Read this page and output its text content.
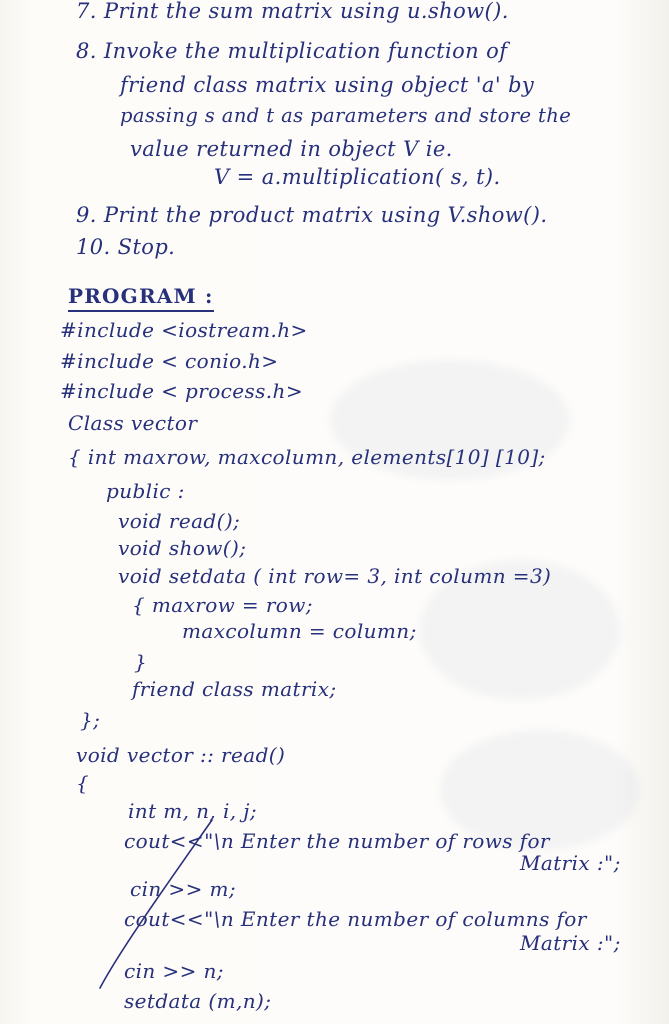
7. Print the sum matrix using u.show().
8. Invoke the multiplication function of
friend class matrix using object 'a' by
passing s and t as parameters and store the
value returned in object V ie.
V = a.multiplication( s, t).
9. Print the product matrix using V.show().
10. Stop.
PROGRAM :
#include <iostream.h>
#include < conio.h>
#include < process.h>
Class vector
{ int maxrow, maxcolumn, elements[10] [10];
public :
void read();
void show();
void setdata ( int row= 3, int column =3)
{ maxrow = row;
maxcolumn = column;
}
friend class matrix;
};
void vector :: read()
{
int m, n, i, j;
cout<<"\n Enter the number of rows for
Matrix :";
cin >> m;
cout<<"\n Enter the number of columns for
Matrix :";
cin >> n;
setdata (m,n);
